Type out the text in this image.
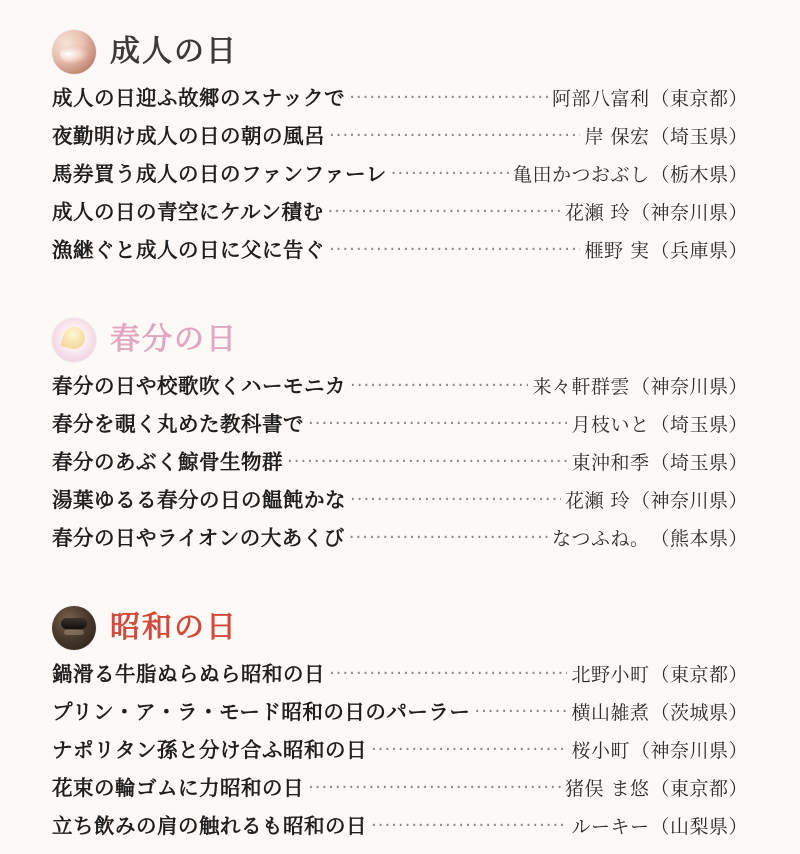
成人の日
成人の日迎ふ故郷のスナックで ·····	阿部八富利 （東京都）
夜勤明け成人の日の朝の風呂 ·····	岸 保宏 （埼玉県）
馬券買う成人の日のファンファーレ ·····	亀田かつおぶし （栃木県）
成人の日の青空にケルン積む ·····	花瀬 玲 （神奈川県）
漁継ぐと成人の日に父に告ぐ ·····	榧野 実 （兵庫県）
春分の日
春分の日や校歌吹くハーモニカ ·····	来々軒群雲 （神奈川県）
春分を覗く丸めた教科書で ·····	月枝いと （埼玉県）
春分のあぶく鯨骨生物群 ·····	東沖和季 （埼玉県）
湯葉ゆるる春分の日の饂飩かな ·····	花瀬 玲 （神奈川県）
春分の日やライオンの大あくび ·····	なつふね。 （熊本県）
昭和の日
鍋滑る牛脂ぬらぬら昭和の日 ·····	北野小町 （東京都）
プリン・ア・ラ・モード昭和の日のパーラー ·····	横山雑煮 （茨城県）
ナポリタン孫と分け合ふ昭和の日 ·····	桜小町 （神奈川県）
花束の輪ゴムに力昭和の日 ·····	猪俣 ま悠 （東京都）
立ち飲みの肩の触れるも昭和の日 ·····	ルーキー （山梨県）
